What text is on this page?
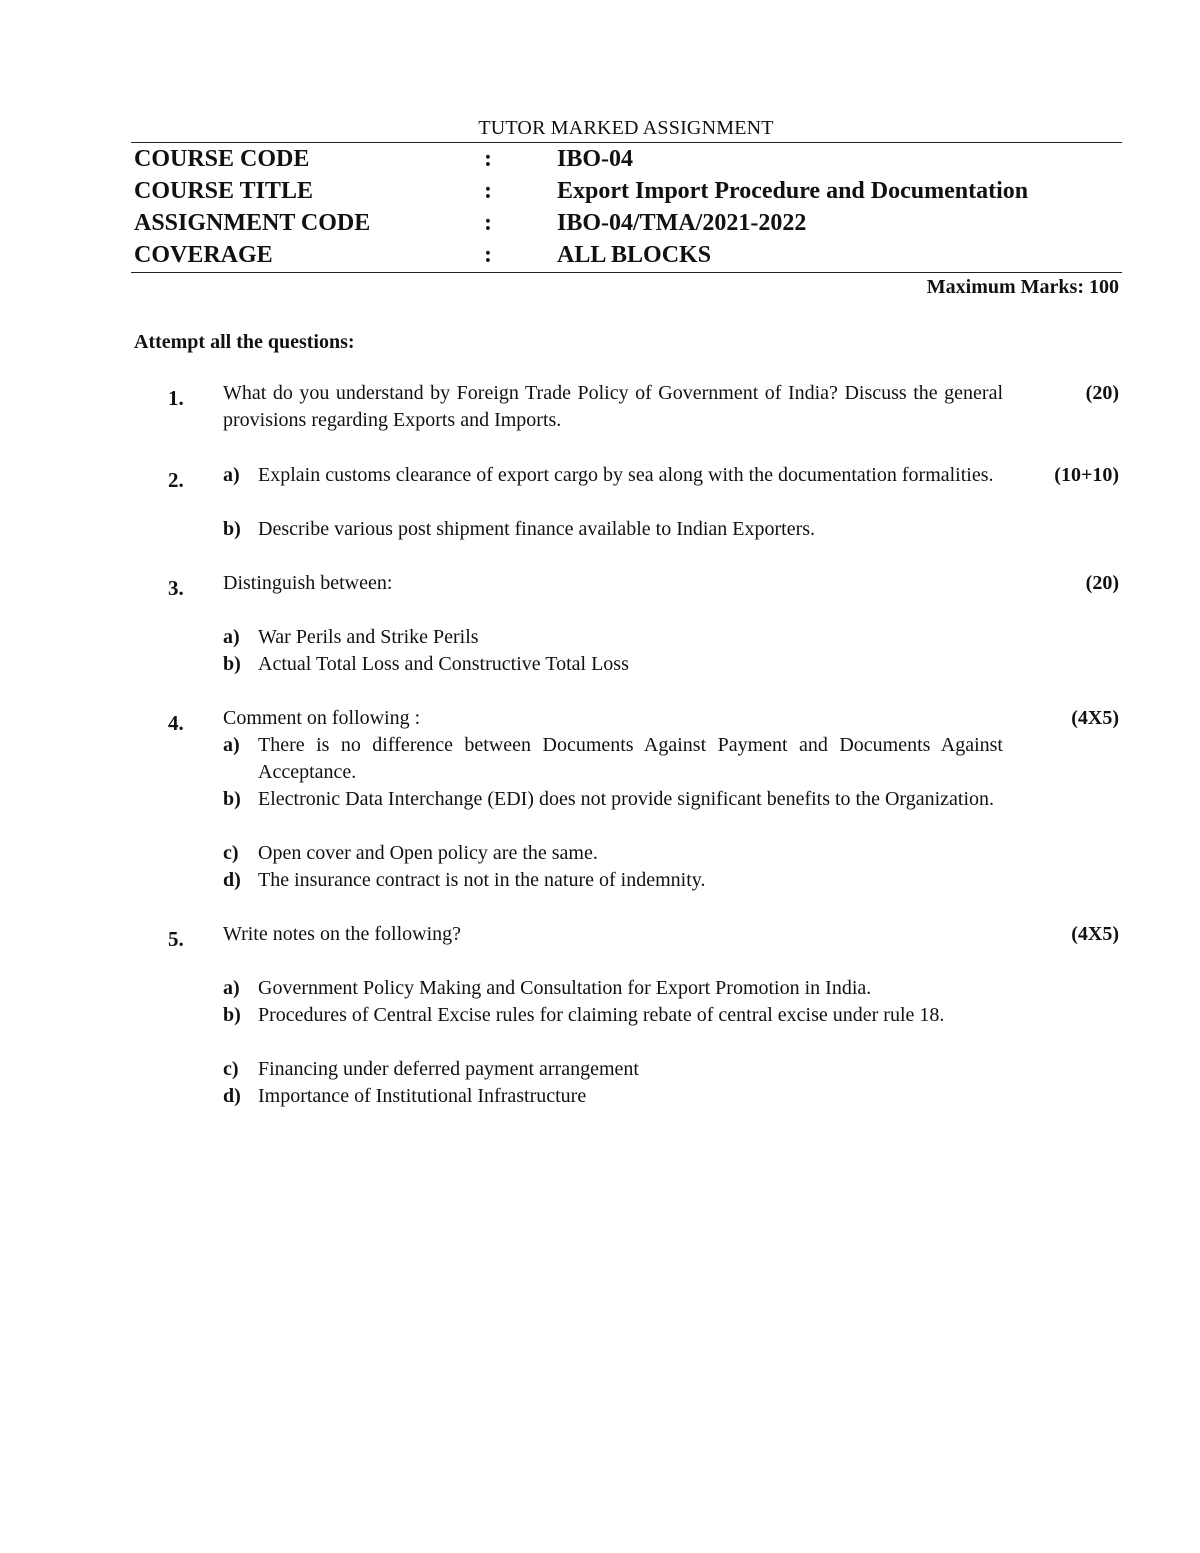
TUTOR MARKED ASSIGNMENT
COURSE CODE	:	IBO-04
COURSE TITLE	:	Export Import Procedure and Documentation
ASSIGNMENT CODE	:	IBO-04/TMA/2021-2022
COVERAGE	:	ALL BLOCKS
Maximum Marks: 100
Attempt all the questions:
1. What do you understand by Foreign Trade Policy of Government of India? Discuss the general provisions regarding Exports and Imports.
(20)
2.	(10+10)
a) Explain customs clearance of export cargo by sea along with the documentation formalities.
b) Describe various post shipment finance available to Indian Exporters.
3. Distinguish between:	(20)
a) War Perils and Strike Perils
b) Actual Total Loss and Constructive Total Loss
4. Comment on following :	(4X5)
a) There is no difference between Documents Against Payment and Documents Against Acceptance.
b) Electronic Data Interchange (EDI) does not provide significant benefits to the Organization.
c) Open cover and Open policy are the same.
d) The insurance contract is not in the nature of indemnity.
5. Write notes on the following?	(4X5)
a) Government Policy Making and Consultation for Export Promotion in India.
b) Procedures of Central Excise rules for claiming rebate of central excise under rule 18.
c) Financing under deferred payment arrangement
d) Importance of Institutional Infrastructure
